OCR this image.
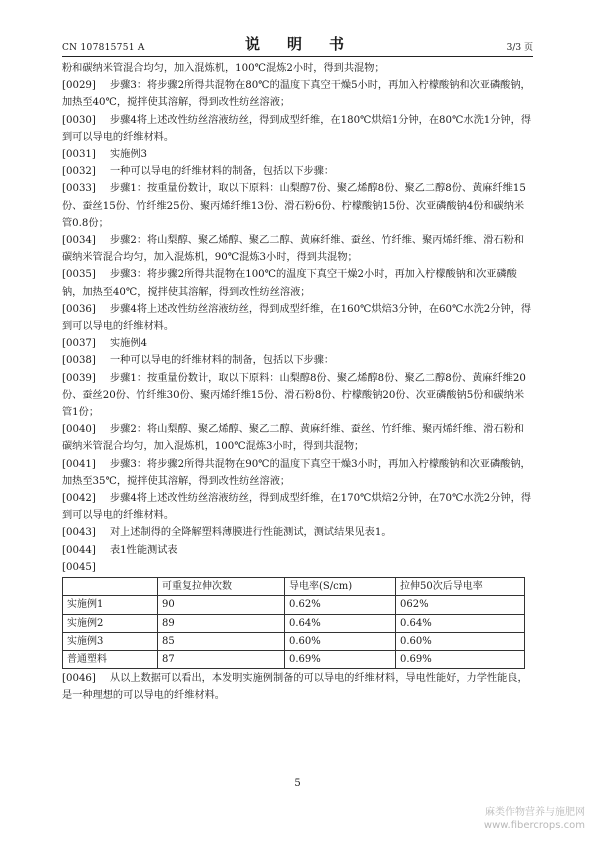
CN 107815751 A	说　明　书	3/3 页

粉和碳纳米管混合均匀，加入混炼机，100℃混炼2小时，得到共混物；

[0029] 步骤3：将步骤2所得共混物在80℃的温度下真空干燥5小时，再加入柠檬酸钠和次亚磷酸钠，加热至40℃，搅拌使其溶解，得到改性纺丝溶液；

[0030] 步骤4将上述改性纺丝溶液纺丝，得到成型纤维，在180℃烘焙1分钟，在80℃水洗1分钟，得到可以导电的纤维材料。

[0031] 实施例3

[0032] 一种可以导电的纤维材料的制备，包括以下步骤：

[0033] 步骤1：按重量份数计，取以下原料：山梨醇7份、聚乙烯醇8份、聚乙二醇8份、黄麻纤维15份、蚕丝15份、竹纤维25份、聚丙烯纤维13份、滑石粉6份、柠檬酸钠15份、次亚磷酸钠4份和碳纳米管0.8份；

[0034] 步骤2：将山梨醇、聚乙烯醇、聚乙二醇、黄麻纤维、蚕丝、竹纤维、聚丙烯纤维、滑石粉和碳纳米管混合均匀，加入混炼机，90℃混炼3小时，得到共混物；

[0035] 步骤3：将步骤2所得共混物在100℃的温度下真空干燥2小时，再加入柠檬酸钠和次亚磷酸钠，加热至40℃，搅拌使其溶解，得到改性纺丝溶液；

[0036] 步骤4将上述改性纺丝溶液纺丝，得到成型纤维，在160℃烘焙3分钟，在60℃水洗2分钟，得到可以导电的纤维材料。

[0037] 实施例4

[0038] 一种可以导电的纤维材料的制备，包括以下步骤：

[0039] 步骤1：按重量份数计，取以下原料：山梨醇8份、聚乙烯醇8份、聚乙二醇8份、黄麻纤维20份、蚕丝20份、竹纤维30份、聚丙烯纤维15份、滑石粉8份、柠檬酸钠20份、次亚磷酸钠5份和碳纳米管1份；

[0040] 步骤2：将山梨醇、聚乙烯醇、聚乙二醇、黄麻纤维、蚕丝、竹纤维、聚丙烯纤维、滑石粉和碳纳米管混合均匀，加入混炼机，100℃混炼3小时，得到共混物；

[0041] 步骤3：将步骤2所得共混物在90℃的温度下真空干燥3小时，再加入柠檬酸钠和次亚磷酸钠，加热至35℃，搅拌使其溶解，得到改性纺丝溶液；

[0042] 步骤4将上述改性纺丝溶液纺丝，得到成型纤维，在170℃烘焙2分钟，在70℃水洗2分钟，得到可以导电的纤维材料。

[0043] 对上述制得的全降解塑料薄膜进行性能测试，测试结果见表1。

[0044] 表1性能测试表

[0045]

	可重复拉伸次数	导电率(S/cm)	拉伸50次后导电率
实施例1	90	0.62%	062%
实施例2	89	0.64%	0.64%
实施例3	85	0.60%	0.60%
普通塑料	87	0.69%	0.69%

[0046] 从以上数据可以看出，本发明实施例制备的可以导电的纤维材料，导电性能好，力学性能良，是一种理想的可以导电的纤维材料。

5
麻类作物营养与施肥网
www.fibercrops.com
